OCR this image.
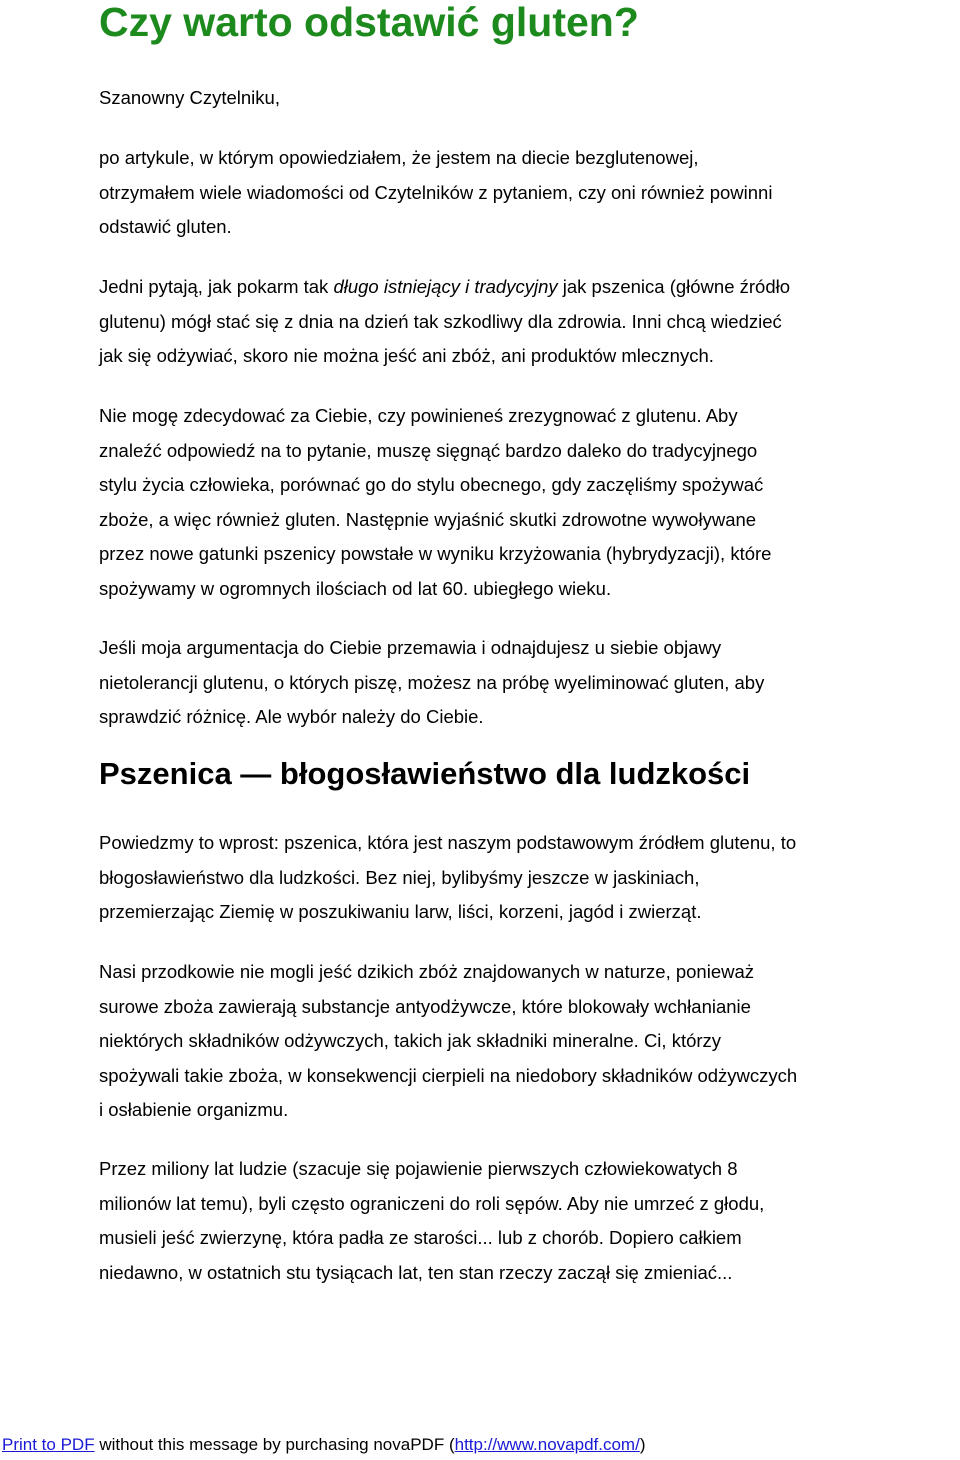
Czy warto odstawić gluten?

Szanowny Czytelniku,

po artykule, w którym opowiedziałem, że jestem na diecie bezglutenowej,
otrzymałem wiele wiadomości od Czytelników z pytaniem, czy oni również powinni
odstawić gluten.

Jedni pytają, jak pokarm tak długo istniejący i tradycyjny jak pszenica (główne źródło
glutenu) mógł stać się z dnia na dzień tak szkodliwy dla zdrowia. Inni chcą wiedzieć
jak się odżywiać, skoro nie można jeść ani zbóż, ani produktów mlecznych.

Nie mogę zdecydować za Ciebie, czy powinieneś zrezygnować z glutenu. Aby
znaleźć odpowiedź na to pytanie, muszę sięgnąć bardzo daleko do tradycyjnego
stylu życia człowieka, porównać go do stylu obecnego, gdy zaczęliśmy spożywać
zboże, a więc również gluten. Następnie wyjaśnić skutki zdrowotne wywoływane
przez nowe gatunki pszenicy powstałe w wyniku krzyżowania (hybrydyzacji), które
spożywamy w ogromnych ilościach od lat 60. ubiegłego wieku.

Jeśli moja argumentacja do Ciebie przemawia i odnajdujesz u siebie objawy
nietolerancji glutenu, o których piszę, możesz na próbę wyeliminować gluten, aby
sprawdzić różnicę. Ale wybór należy do Ciebie.

Pszenica — błogosławieństwo dla ludzkości

Powiedzmy to wprost: pszenica, która jest naszym podstawowym źródłem glutenu, to
błogosławieństwo dla ludzkości. Bez niej, bylibyśmy jeszcze w jaskiniach,
przemierzając Ziemię w poszukiwaniu larw, liści, korzeni, jagód i zwierząt.

Nasi przodkowie nie mogli jeść dzikich zbóż znajdowanych w naturze, ponieważ
surowe zboża zawierają substancje antyodżywcze, które blokowały wchłanianie
niektórych składników odżywczych, takich jak składniki mineralne. Ci, którzy
spożywali takie zboża, w konsekwencji cierpieli na niedobory składników odżywczych
i osłabienie organizmu.

Przez miliony lat ludzie (szacuje się pojawienie pierwszych człowiekowatych 8
milionów lat temu), byli często ograniczeni do roli sępów. Aby nie umrzeć z głodu,
musieli jeść zwierzynę, która padła ze starości... lub z chorób. Dopiero całkiem
niedawno, w ostatnich stu tysiącach lat, ten stan rzeczy zaczął się zmieniać...

Print to PDF without this message by purchasing novaPDF (http://www.novapdf.com/)
